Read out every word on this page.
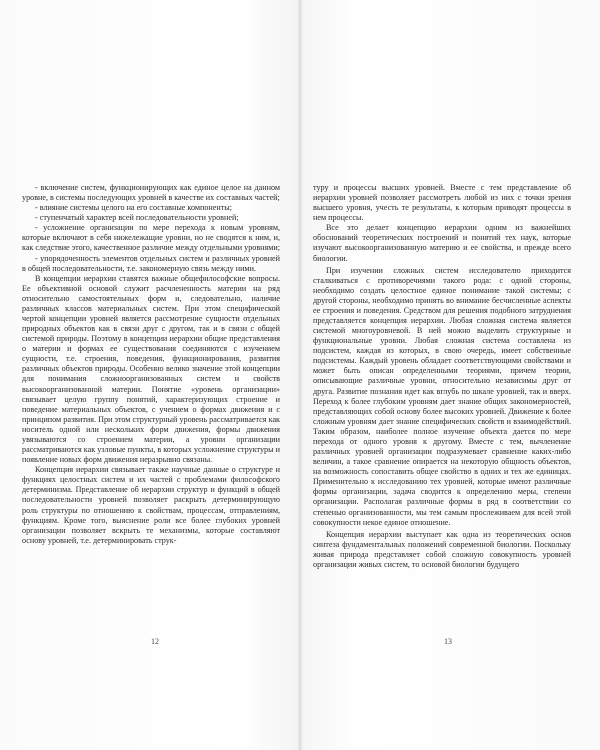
- включение систем, функционирующих как единое целое на данном уровне, в системы последующих уровней в качестве их составных частей;

- влияние системы целого на его составные компоненты;

- ступенчатый характер всей последовательности уровней;

- усложнение организации по мере перехода к новым уровням, которые включают в себя нижележащие уровни, но не сводятся к ним, и, как следствие этого, качественное различие между отдельными уровнями;

- упорядоченность элементов отдельных систем и различных уровней в общей последовательности, т.е. закономерную связь между ними.

В концепции иерархии ставятся важные общефилософские вопросы. Ее объективной основой служит расчлененность материи на ряд относительно самостоятельных форм и, следовательно, наличие различных классов материальных систем. При этом специфической чертой концепции уровней является рассмотрение сущности отдельных природных объектов как в связи друг с другом, так и в связи с общей системой природы. Поэтому в концепции иерархии общие представления о материи и формах ее существования соединяются с изучением сущности, т.е. строения, поведения, функционирования, развития различных объектов природы. Особенно велико значение этой концепции для понимания сложноорганизованных систем и свойств высокоорганизованной материи. Понятие «уровень организации» связывает целую группу понятий, характеризующих строение и поведение материальных объектов, с учением о формах движения и с принципом развития. При этом структурный уровень рассматривается как носитель одной или нескольких форм движения, формы движения увязываются со строением материи, а уровни организации рассматриваются как узловые пункты, в которых усложнение структуры и появление новых форм движения неразрывно связаны.

Концепция иерархии связывает также научные данные о структуре и функциях целостных систем и их частей с проблемами философского детерминизма. Представление об иерархии структур и функций в общей последовательности уровней позволяет раскрыть детерминирующую роль структуры по отношению к свойствам, процессам, отправлениям, функциям. Кроме того, выяснение роли все более глубоких уровней организации позволяет вскрыть те механизмы, которые составляют основу уровней, т.е. детерминировать струк-

12

туру и процессы высших уровней. Вместе с тем представление об иерархии уровней позволяет рассмотреть любой из них с точки зрения высшего уровня, учесть те результаты, к которым приводят процессы в нем процессы.

Все это делает концепцию иерархии одним из важнейших обоснований теоретических построений и понятий тех наук, которые изучают высокоорганизованную материю и ее свойства, и прежде всего биологии.

При изучении сложных систем исследователю приходится сталкиваться с противоречиями такого рода: с одной стороны, необходимо создать целостное единое понимание такой системы; с другой стороны, необходимо принять во внимание бесчисленные аспекты ее строения и поведения. Средством для решения подобного затруднения представляется концепция иерархии. Любая сложная система является системой многоуровневой. В ней можно выделить структурные и функциональные уровни. Любая сложная система составлена из подсистем, каждая из которых, в свою очередь, имеет собственные подсистемы. Каждый уровень обладает соответствующими свойствами и может быть описан определенными теориями, причем теории, описывающие различные уровни, относительно независимы друг от друга. Развитие познания идет как вглубь по шкале уровней, так и вверх. Переход к более глубоким уровням дает знание общих закономерностей, представляющих собой основу более высоких уровней. Движение к более сложным уровням дает знание специфических свойств и взаимодействий. Таким образом, наиболее полное изучение объекта дается по мере перехода от одного уровня к другому. Вместе с тем, вычленение различных уровней организации подразумевает сравнение каких-либо величин, а такое сравнение опирается на некоторую общность объектов, на возможность сопоставить общее свойство в одних и тех же единицах. Применительно к исследованию тех уровней, которые имеют различные формы организации, задача сводится к определению меры, степени организации. Располагая различные формы в ряд в соответствии со степенью организованности, мы тем самым прослеживаем для всей этой совокупности некое единое отношение.

Концепция иерархии выступает как одна из теоретических основ синтеза фундаментальных положений современной биологии. Поскольку живая природа представляет собой сложную совокупность уровней организации живых систем, то основой биологии будущего

13
